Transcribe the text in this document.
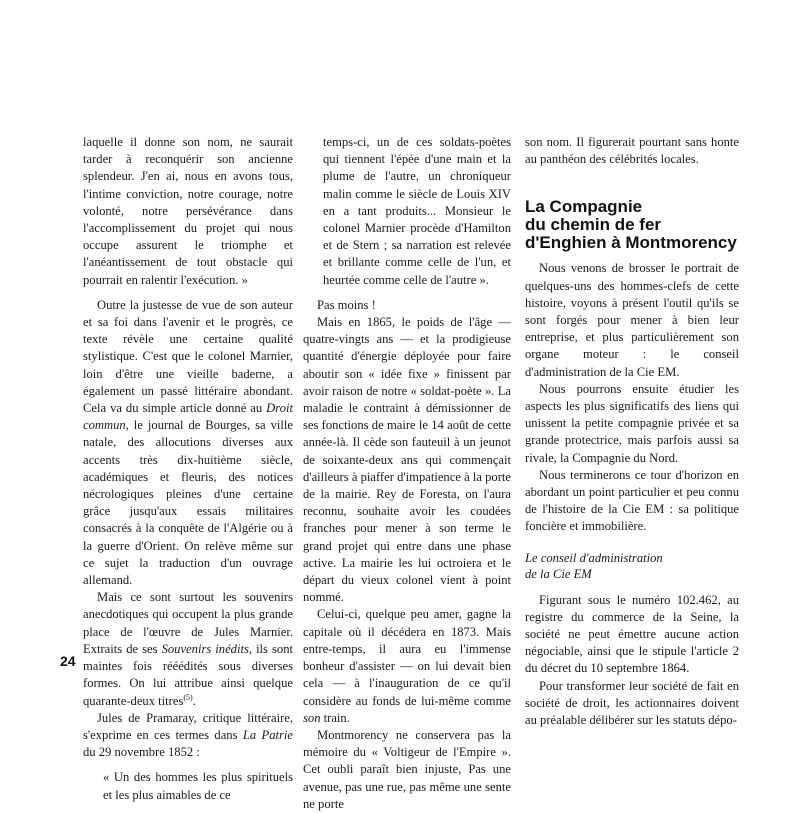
laquelle il donne son nom, ne saurait tarder à reconquérir son ancienne splendeur. J'en ai, nous en avons tous, l'intime conviction, notre courage, notre volonté, notre persévérance dans l'accomplissement du projet qui nous occupe assurent le triomphe et l'anéantissement de tout obstacle qui pourrait en ralentir l'exécution. »

Outre la justesse de vue de son auteur et sa foi dans l'avenir et le progrès, ce texte révèle une certaine qualité stylistique. C'est que le colonel Marnier, loin d'être une vieille baderne, a également un passé littéraire abondant. Cela va du simple article donné au Droit commun, le journal de Bourges, sa ville natale, des allocutions diverses aux accents très dix-huitième siècle, académiques et fleuris, des notices nécrologiques pleines d'une certaine grâce jusqu'aux essais militaires consacrés à la conquête de l'Algérie ou à la guerre d'Orient. On relève même sur ce sujet la traduction d'un ouvrage allemand.

Mais ce sont surtout les souvenirs anecdotiques qui occupent la plus grande place de l'œuvre de Jules Marnier. Extraits de ses Souvenirs inédits, ils sont maintes fois rééédités sous diverses formes. On lui attribue ainsi quelque quarante-deux titres$^{(5)}$.

Jules de Pramaray, critique littéraire, s'exprime en ces termes dans La Patrie du 29 novembre 1852 :

« Un des hommes les plus spirituels et les plus aimables de ce

temps-ci, un de ces soldats-poètes qui tiennent l'épée d'une main et la plume de l'autre, un chroniqueur malin comme le siècle de Louis XIV en a tant produits... Monsieur le colonel Marnier procède d'Hamilton et de Stern ; sa narration est relevée et brillante comme celle de l'un, et heurtée comme celle de l'autre ».

Pas moins !

Mais en 1865, le poids de l'âge — quatre-vingts ans — et la prodigieuse quantité d'énergie déployée pour faire aboutir son « idée fixe » finissent par avoir raison de notre « soldat-poète ». La maladie le contraint à démissionner de ses fonctions de maire le 14 août de cette année-là. Il cède son fauteuil à un jeunot de soixante-deux ans qui commençait d'ailleurs à piaffer d'impatience à la porte de la mairie. Rey de Foresta, on l'aura reconnu, souhaite avoir les coudées franches pour mener à son terme le grand projet qui entre dans une phase active. La mairie les lui octroiera et le départ du vieux colonel vient à point nommé.

Celui-ci, quelque peu amer, gagne la capitale où il décédera en 1873. Mais entre-temps, il aura eu l'immense bonheur d'assister — on lui devait bien cela — à l'inauguration de ce qu'il considère au fonds de lui-même comme son train.

Montmorency ne conservera pas la mémoire du « Voltigeur de l'Empire ». Cet oubli paraît bien injuste, Pas une avenue, pas une rue, pas même une sente ne porte

son nom. Il figurerait pourtant sans honte au panthéon des célébrités locales.

La Compagnie
du chemin de fer
d'Enghien à Montmorency

Nous venons de brosser le portrait de quelques-uns des hommes-clefs de cette histoire, voyons à présent l'outil qu'ils se sont forgés pour mener à bien leur entreprise, et plus particulièrement son organe moteur : le conseil d'administration de la Cie EM.

Nous pourrons ensuite étudier les aspects les plus significatifs des liens qui unissent la petite compagnie privée et sa grande protectrice, mais parfois aussi sa rivale, la Compagnie du Nord.

Nous terminerons ce tour d'horizon en abordant un point particulier et peu connu de l'histoire de la Cie EM : sa politique foncière et immobilière.

Le conseil d'administration
de la Cie EM

Figurant sous le numéro 102.462, au registre du commerce de la Seine, la société ne peut émettre aucune action négociable, ainsi que le stipule l'article 2 du décret du 10 septembre 1864.

Pour transformer leur société de fait en société de droit, les actionnaires doivent au préalable délibérer sur les statuts dépo-

24
